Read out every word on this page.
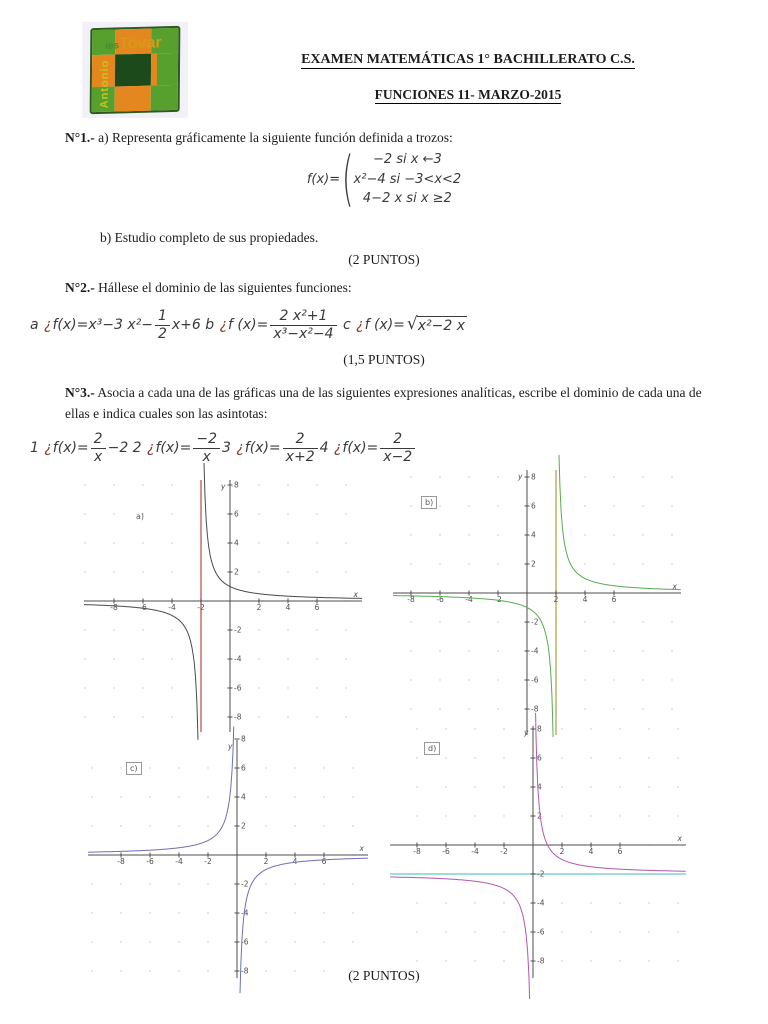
ies Tovar
Antonio
EXAMEN MATEMÁTICAS 1° BACHILLERATO C.S.
FUNCIONES 11- MARZO-2015
N°1.- a) Representa gráficamente la siguiente función definida a trozos:
f(x)= ( −2 si x ←3
x²−4 si −3<x<2
4−2 x si x ≥2
b) Estudio completo de sus propiedades.
(2 PUNTOS)
N°2.- Hállese el dominio de las siguientes funciones:
a ¿ f(x)=x³−3 $x^2- \frac{1}{2} x+6$ b ¿ f $(x)= \frac{\text{2 x²+1}}{\text{x³−x²−4}}$ c ¿ f (x)= √ x²−2 x
(1,5 PUNTOS)
N°3.- Asocia a cada una de las gráficas una de las siguientes expresiones analíticas, escribe el dominio de cada una de ellas e indica cuales son las asintotas:
1 ¿ $f(x)= \frac{2}{x} -2$ 2 ¿ $f(x)= \frac{-2}{x} 3$ ¿ $f(x)= \frac{2}{x+2} 4$ ¿ $f(x)= \frac{2}{x-2}$
a)
-8	-6	-4	-2	2	4	6
-8
-6
-4
-2
2
4
6
8
x
y
b)
-8	-6	-4	-2	2	4	6
-8
-6
-4
-2
2
4
6
8
x
y
c)
-8	-6	-4	-2	2	4	6
-8
-6
-4
-2
2
4
6
8
x
y	d)
-8	-6	-4	-2	2	4	6
-8
-6
-4
-2
2
4
6
8
x
y
(2 PUNTOS)
